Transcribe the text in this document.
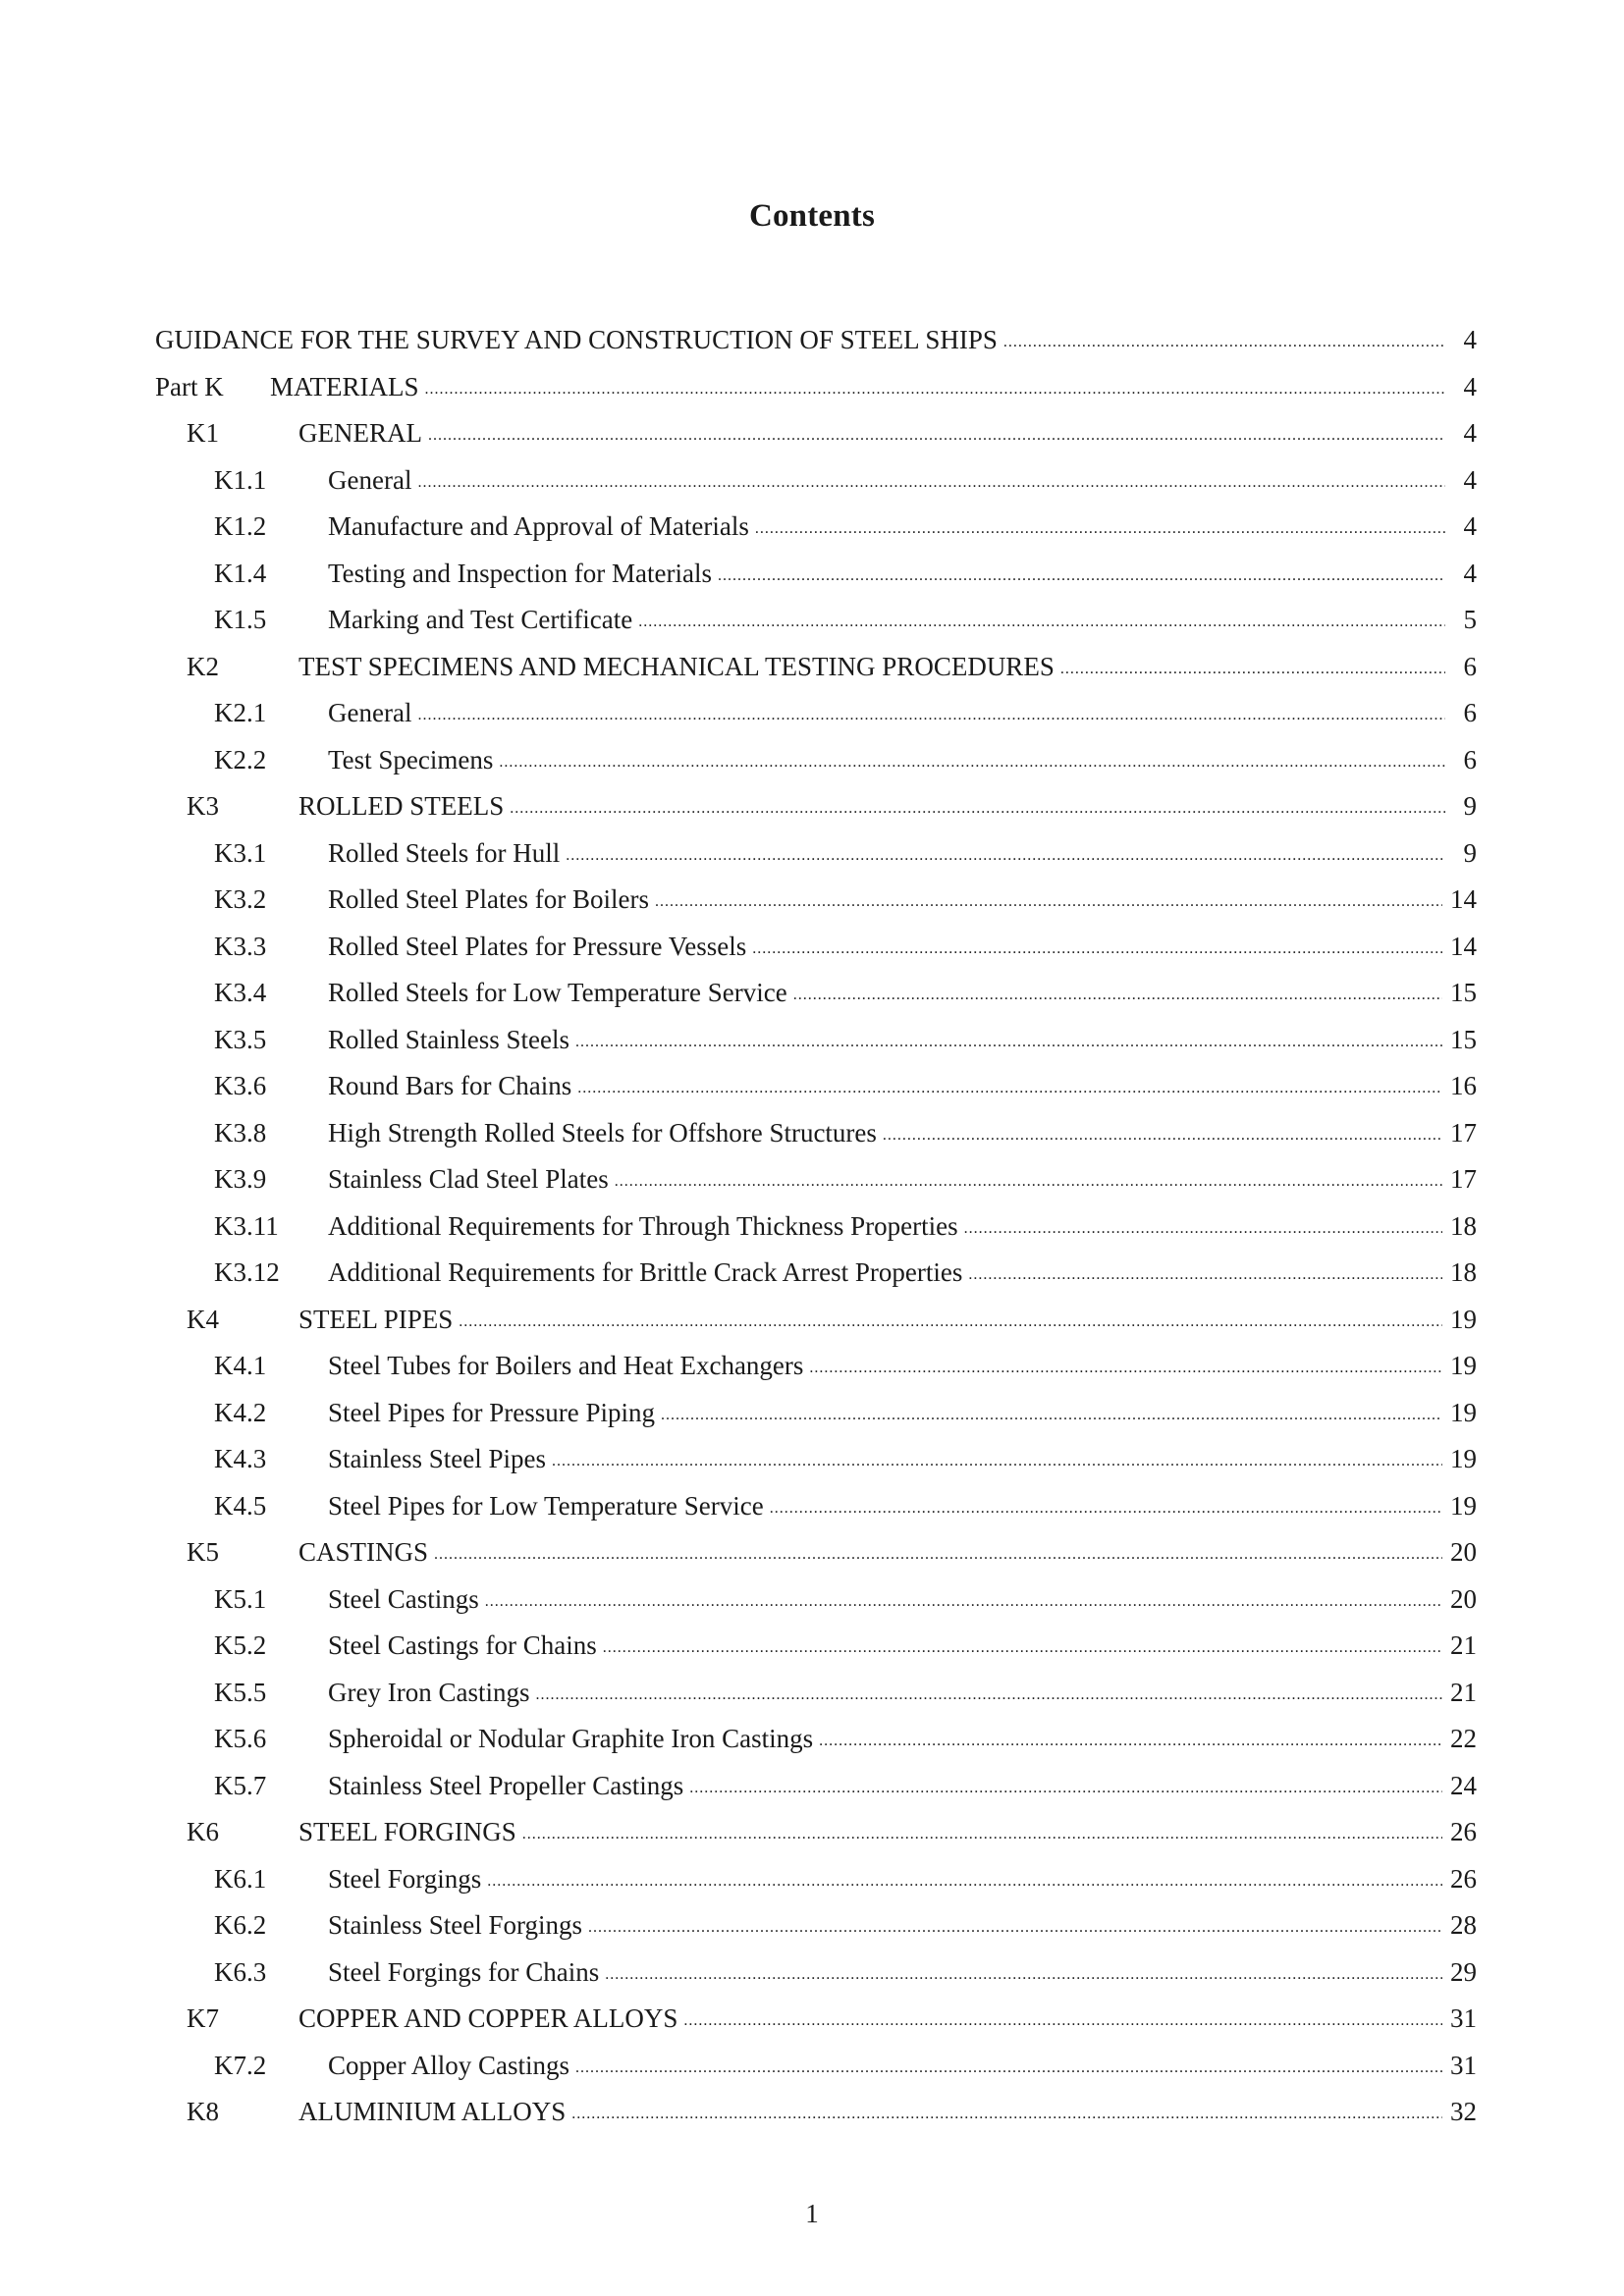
Contents
GUIDANCE FOR THE SURVEY AND CONSTRUCTION OF STEEL SHIPS . . .	4
Part K	MATERIALS . . .	4
K1	GENERAL . . .	4
K1.1	General . . .	4
K1.2	Manufacture and Approval of Materials . . .	4
K1.4	Testing and Inspection for Materials . . .	4
K1.5	Marking and Test Certificate . . .	5
K2	TEST SPECIMENS AND MECHANICAL TESTING PROCEDURES . . .	6
K2.1	General . . .	6
K2.2	Test Specimens . . .	6
K3	ROLLED STEELS . . .	9
K3.1	Rolled Steels for Hull . . .	9
K3.2	Rolled Steel Plates for Boilers . . .	14
K3.3	Rolled Steel Plates for Pressure Vessels . . .	14
K3.4	Rolled Steels for Low Temperature Service . . .	15
K3.5	Rolled Stainless Steels . . .	15
K3.6	Round Bars for Chains . . .	16
K3.8	High Strength Rolled Steels for Offshore Structures . . .	17
K3.9	Stainless Clad Steel Plates . . .	17
K3.11	Additional Requirements for Through Thickness Properties . . .	18
K3.12	Additional Requirements for Brittle Crack Arrest Properties . . .	18
K4	STEEL PIPES . . .	19
K4.1	Steel Tubes for Boilers and Heat Exchangers . . .	19
K4.2	Steel Pipes for Pressure Piping . . .	19
K4.3	Stainless Steel Pipes . . .	19
K4.5	Steel Pipes for Low Temperature Service . . .	19
K5	CASTINGS . . .	20
K5.1	Steel Castings . . .	20
K5.2	Steel Castings for Chains . . .	21
K5.5	Grey Iron Castings . . .	21
K5.6	Spheroidal or Nodular Graphite Iron Castings . . .	22
K5.7	Stainless Steel Propeller Castings . . .	24
K6	STEEL FORGINGS . . .	26
K6.1	Steel Forgings . . .	26
K6.2	Stainless Steel Forgings . . .	28
K6.3	Steel Forgings for Chains . . .	29
K7	COPPER AND COPPER ALLOYS . . .	31
K7.2	Copper Alloy Castings . . .	31
K8	ALUMINIUM ALLOYS . . .	32
1
